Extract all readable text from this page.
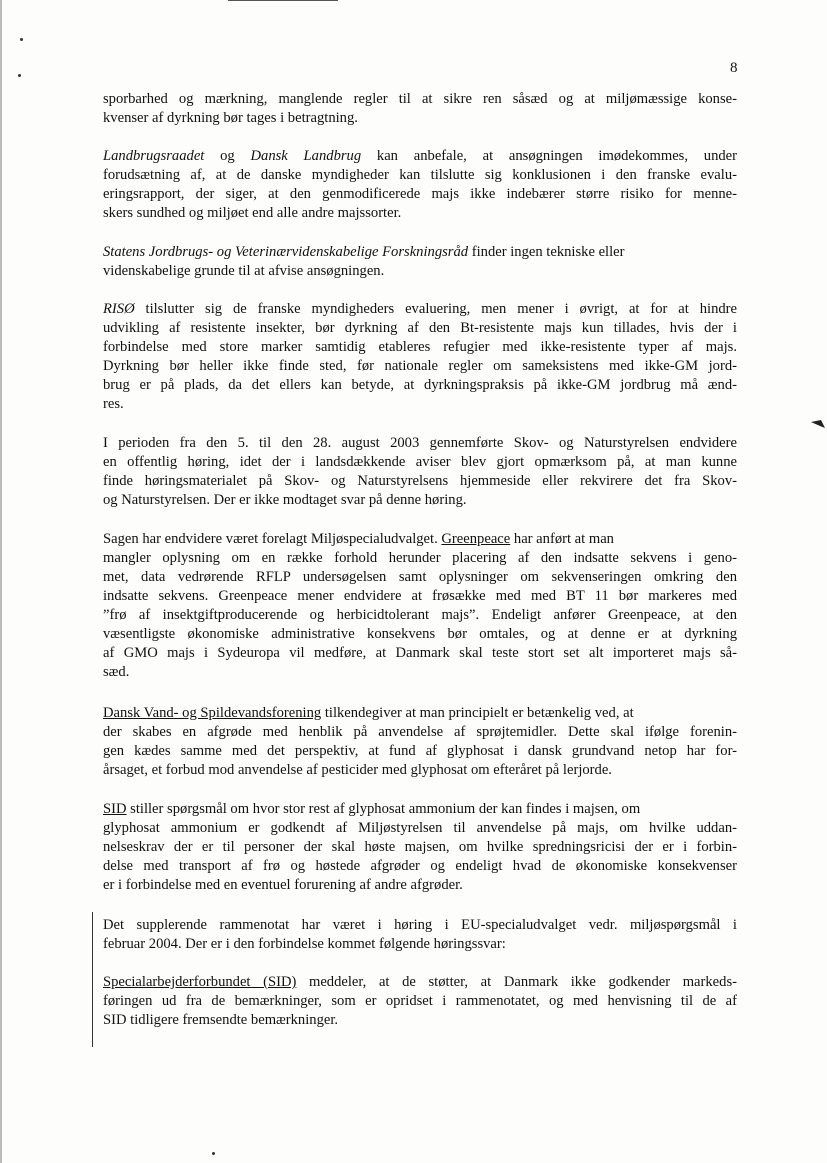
8

sporbarhed og mærkning, manglende regler til at sikre ren såsæd og at miljømæssige konse-
kvenser af dyrkning bør tages i betragtning.

Landbrugsraadet og Dansk Landbrug kan anbefale, at ansøgningen imødekommes, under
forudsætning af, at de danske myndigheder kan tilslutte sig konklusionen i den franske evalu-
eringsrapport, der siger, at den genmodificerede majs ikke indebærer større risiko for menne-
skers sundhed og miljøet end alle andre majssorter.

Statens Jordbrugs- og Veterinærvidenskabelige Forskningsråd finder ingen tekniske eller
videnskabelige grunde til at afvise ansøgningen.

RISØ tilslutter sig de franske myndigheders evaluering, men mener i øvrigt, at for at hindre
udvikling af resistente insekter, bør dyrkning af den Bt-resistente majs kun tillades, hvis der i
forbindelse med store marker samtidig etableres refugier med ikke-resistente typer af majs.
Dyrkning bør heller ikke finde sted, før nationale regler om sameksistens med ikke-GM jord-
brug er på plads, da det ellers kan betyde, at dyrkningspraksis på ikke-GM jordbrug må ænd-
res.

I perioden fra den 5. til den 28. august 2003 gennemførte Skov- og Naturstyrelsen endvidere
en offentlig høring, idet der i landsdækkende aviser blev gjort opmærksom på, at man kunne
finde høringsmaterialet på Skov- og Naturstyrelsens hjemmeside eller rekvirere det fra Skov-
og Naturstyrelsen. Der er ikke modtaget svar på denne høring.

Sagen har endvidere været forelagt Miljøspecialudvalget. Greenpeace har anført at man
mangler oplysning om en række forhold herunder placering af den indsatte sekvens i geno-
met, data vedrørende RFLP undersøgelsen samt oplysninger om sekvenseringen omkring den
indsatte sekvens. Greenpeace mener endvidere at frøsække med med BT 11 bør markeres med
”frø af insektgiftproducerende og herbicidtolerant majs”. Endeligt anfører Greenpeace, at den
væsentligste økonomiske administrative konsekvens bør omtales, og at denne er at dyrkning
af GMO majs i Sydeuropa vil medføre, at Danmark skal teste stort set alt importeret majs så-
sæd.

Dansk Vand- og Spildevandsforening tilkendegiver at man principielt er betænkelig ved, at
der skabes en afgrøde med henblik på anvendelse af sprøjtemidler. Dette skal ifølge forenin-
gen kædes samme med det perspektiv, at fund af glyphosat i dansk grundvand netop har for-
årsaget, et forbud mod anvendelse af pesticider med glyphosat om efteråret på lerjorde.

SID stiller spørgsmål om hvor stor rest af glyphosat ammonium der kan findes i majsen, om
glyphosat ammonium er godkendt af Miljøstyrelsen til anvendelse på majs, om hvilke uddan-
nelseskrav der er til personer der skal høste majsen, om hvilke spredningsricisi der er i forbin-
delse med transport af frø og høstede afgrøder og endeligt hvad de økonomiske konsekvenser
er i forbindelse med en eventuel forurening af andre afgrøder.

Det supplerende rammenotat har været i høring i EU-specialudvalget vedr. miljøspørgsmål i
februar 2004. Der er i den forbindelse kommet følgende høringssvar:

Specialarbejderforbundet (SID) meddeler, at de støtter, at Danmark ikke godkender markeds-
føringen ud fra de bemærkninger, som er opridset i rammenotatet, og med henvisning til de af
SID tidligere fremsendte bemærkninger.
